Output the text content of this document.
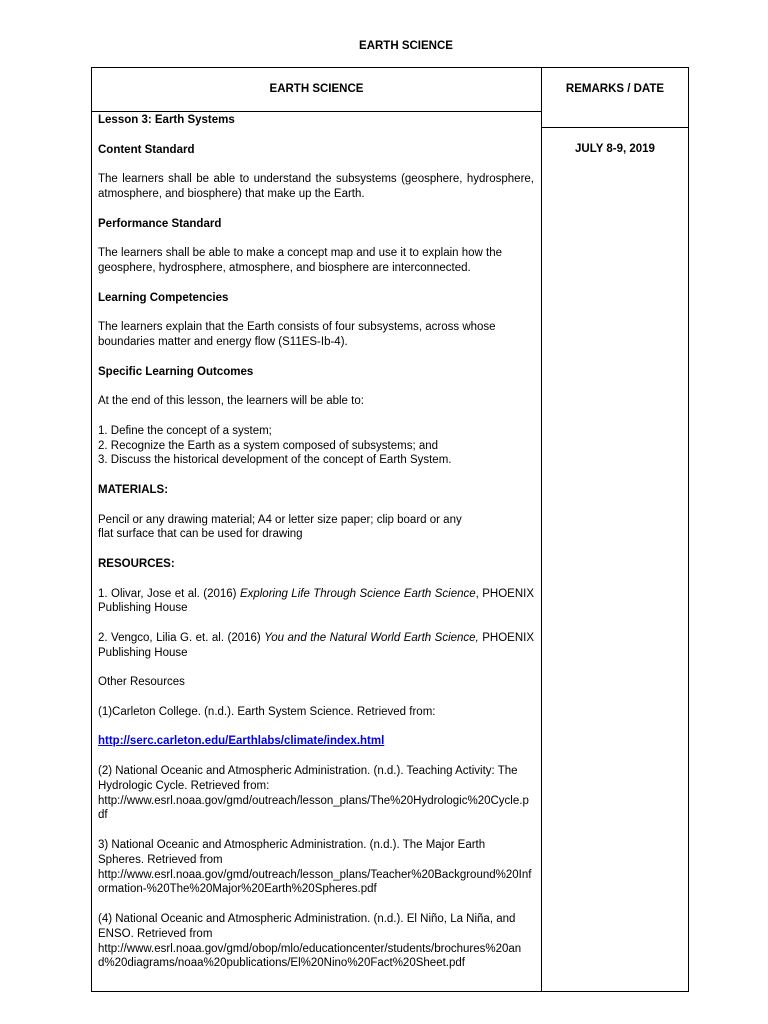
EARTH SCIENCE
EARTH SCIENCE	REMARKS / DATE
JULY 8-9, 2019

Lesson 3: Earth Systems

Content Standard

The learners shall be able to understand the subsystems (geosphere, hydrosphere, atmosphere, and biosphere) that make up the Earth.

Performance Standard

The learners shall be able to make a concept map and use it to explain how the geosphere, hydrosphere, atmosphere, and biosphere are interconnected.

Learning Competencies

The learners explain that the Earth consists of four subsystems, across whose boundaries matter and energy flow (S11ES-Ib-4).

Specific Learning Outcomes

At the end of this lesson, the learners will be able to:

1. Define the concept of a system;
2. Recognize the Earth as a system composed of subsystems; and
3. Discuss the historical development of the concept of Earth System.

MATERIALS:

Pencil or any drawing material; A4 or letter size paper; clip board or any
flat surface that can be used for drawing

RESOURCES:

1. Olivar, Jose et al. (2016) Exploring Life Through Science Earth Science, PHOENIX Publishing House

2. Vengco, Lilia G. et. al. (2016) You and the Natural World Earth Science, PHOENIX Publishing House

Other Resources

(1)Carleton College. (n.d.). Earth System Science. Retrieved from:

http://serc.carleton.edu/Earthlabs/climate/index.html

(2) National Oceanic and Atmospheric Administration. (n.d.). Teaching Activity: The Hydrologic Cycle. Retrieved from:
http://www.esrl.noaa.gov/gmd/outreach/lesson_plans/The%20Hydrologic%20Cycle.pdf

3) National Oceanic and Atmospheric Administration. (n.d.). The Major Earth Spheres. Retrieved from
http://www.esrl.noaa.gov/gmd/outreach/lesson_plans/Teacher%20Background%20Information-%20The%20Major%20Earth%20Spheres.pdf

(4) National Oceanic and Atmospheric Administration. (n.d.). El Niño, La Niña, and ENSO. Retrieved from
http://www.esrl.noaa.gov/gmd/obop/mlo/educationcenter/students/brochures%20and%20diagrams/noaa%20publications/El%20Nino%20Fact%20Sheet.pdf
